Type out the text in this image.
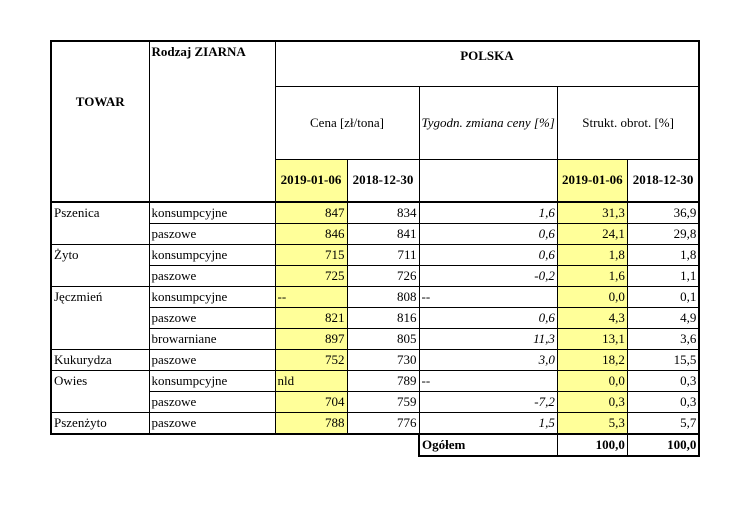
TOWAR	Rodzaj ZIARNA	POLSKA				
		Cena [zł/tona]		Tygodn. zmiana ceny [%]	Strukt. obrot. [%]	
		2019-01-06	2018-12-30		2019-01-06	2018-12-30
Pszenica	konsumpcyjne	847	834	1,6	31,3	36,9
	paszowe	846	841	0,6	24,1	29,8
Żyto	konsumpcyjne	715	711	0,6	1,8	1,8
	paszowe	725	726	-0,2	1,6	1,1
Jęczmień	konsumpcyjne	--	808	--	0,0	0,1
	paszowe	821	816	0,6	4,3	4,9
	browarniane	897	805	11,3	13,1	3,6
Kukurydza	paszowe	752	730	3,0	18,2	15,5
Owies	konsumpcyjne	nld	789	--	0,0	0,3
	paszowe	704	759	-7,2	0,3	0,3
Pszenżyto	paszowe	788	776	1,5	5,3	5,7
				Ogółem	100,0	100,0
